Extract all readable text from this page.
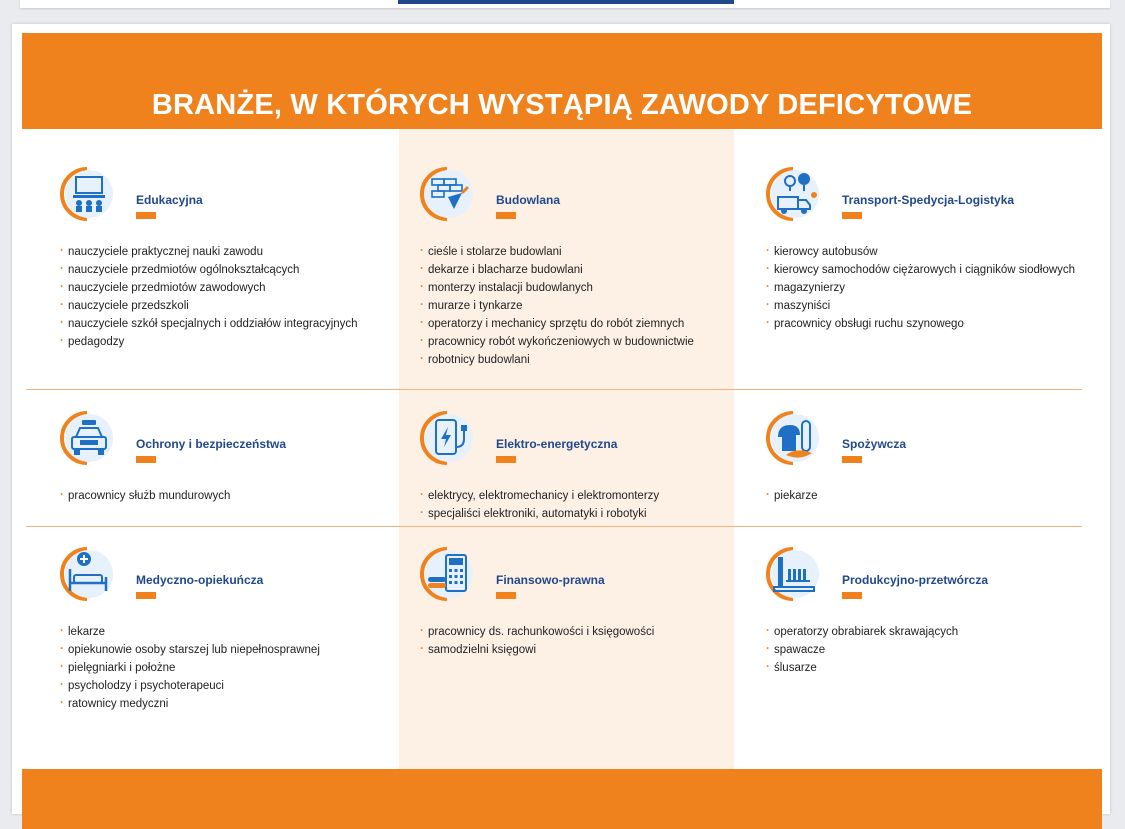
BRANŻE, W KTÓRYCH WYSTĄPIĄ ZAWODY DEFICYTOWE
Edukacyjna
· nauczyciele praktycznej nauki zawodu
· nauczyciele przedmiotów ogólnokształcących
· nauczyciele przedmiotów zawodowych
· nauczyciele przedszkoli
· nauczyciele szkół specjalnych i oddziałów integracyjnych
· pedagodzy
Budowlana
· cieśle i stolarze budowlani
· dekarze i blacharze budowlani
· monterzy instalacji budowlanych
· murarze i tynkarze
· operatorzy i mechanicy sprzętu do robót ziemnych
· pracownicy robót wykończeniowych w budownictwie
· robotnicy budowlani
Transport-Spedycja-Logistyka
· kierowcy autobusów
· kierowcy samochodów ciężarowych i ciągników siodłowych
· magazynierzy
· maszyniści
· pracownicy obsługi ruchu szynowego
Ochrony i bezpieczeństwa
· pracownicy służb mundurowych
Elektro-energetyczna
· elektrycy, elektromechanicy i elektromonterzy
· specjaliści elektroniki, automatyki i robotyki
Spożywcza
· piekarze
Medyczno-opiekuńcza
· lekarze
· opiekunowie osoby starszej lub niepełnosprawnej
· pielęgniarki i położne
· psycholodzy i psychoterapeuci
· ratownicy medyczni
Finansowo-prawna
· pracownicy ds. rachunkowości i księgowości
· samodzielni księgowi
Produkcyjno-przetwórcza
· operatorzy obrabiarek skrawających
· spawacze
· ślusarze
